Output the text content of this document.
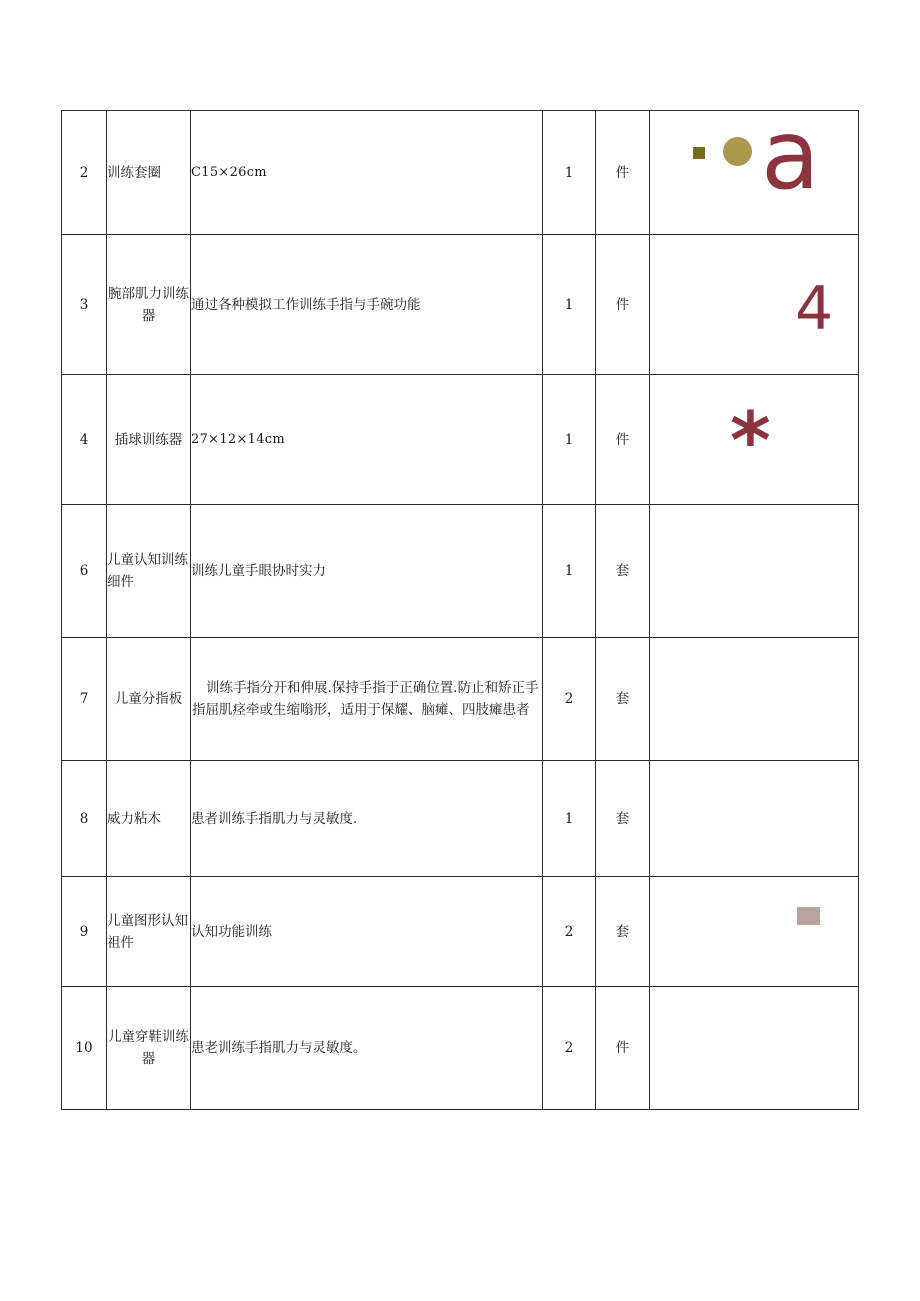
2	训练套圈	C15×26cm	1	件	a

3	腕部肌力训练器	通过各种模拟工作训练手指与手碗功能	1	件	4

4	插球训练器	27×12×14cm	1	件	*

6	儿童认知训练细件	训练儿童手眼协时实力	1	套	
7	儿童分指板	训练手指分开和伸展.保持手指于正确位置.防止和矫正手指屈肌痉牵或生缩嗡形，适用于保耀、脑瘫、四肢瘫患者	2	套	
8	威力粘木	患者训练手指肌力与灵敏度.	1	套	
9	儿童图形认知祖件	认知功能训练	2	套	

10	儿童穿鞋训练器	患老训练手指肌力与灵敏度。	2	件	
